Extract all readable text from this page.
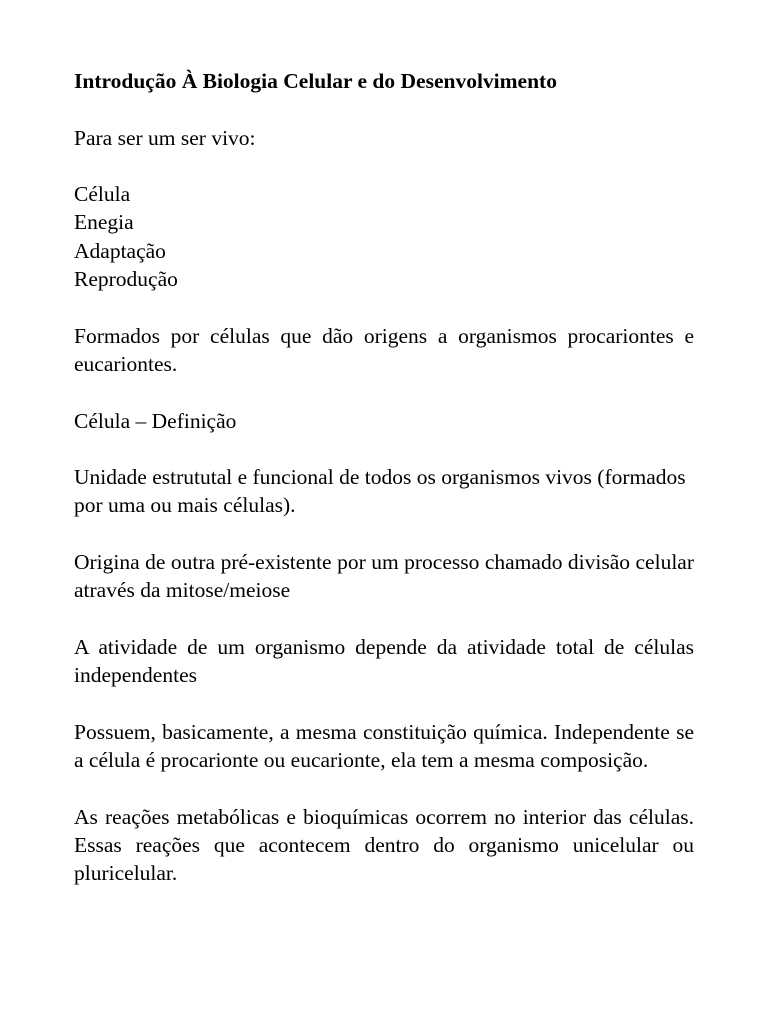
Introdução À Biologia Celular e do Desenvolvimento
Para ser um ser vivo:
Célula
Enegia
Adaptação
Reprodução
Formados por células que dão origens a organismos procariontes e eucariontes.
Célula – Definição
Unidade estrututal e funcional de todos os organismos vivos (formados por uma ou mais células).
Origina de outra pré-existente por um processo chamado divisão celular através da mitose/meiose
A atividade de um organismo depende da atividade total de células independentes
Possuem, basicamente, a mesma constituição química. Independente se a célula é procarionte ou eucarionte, ela tem a mesma composição.
As reações metabólicas e bioquímicas ocorrem no interior das células. Essas reações que acontecem dentro do organismo unicelular ou pluricelular.
